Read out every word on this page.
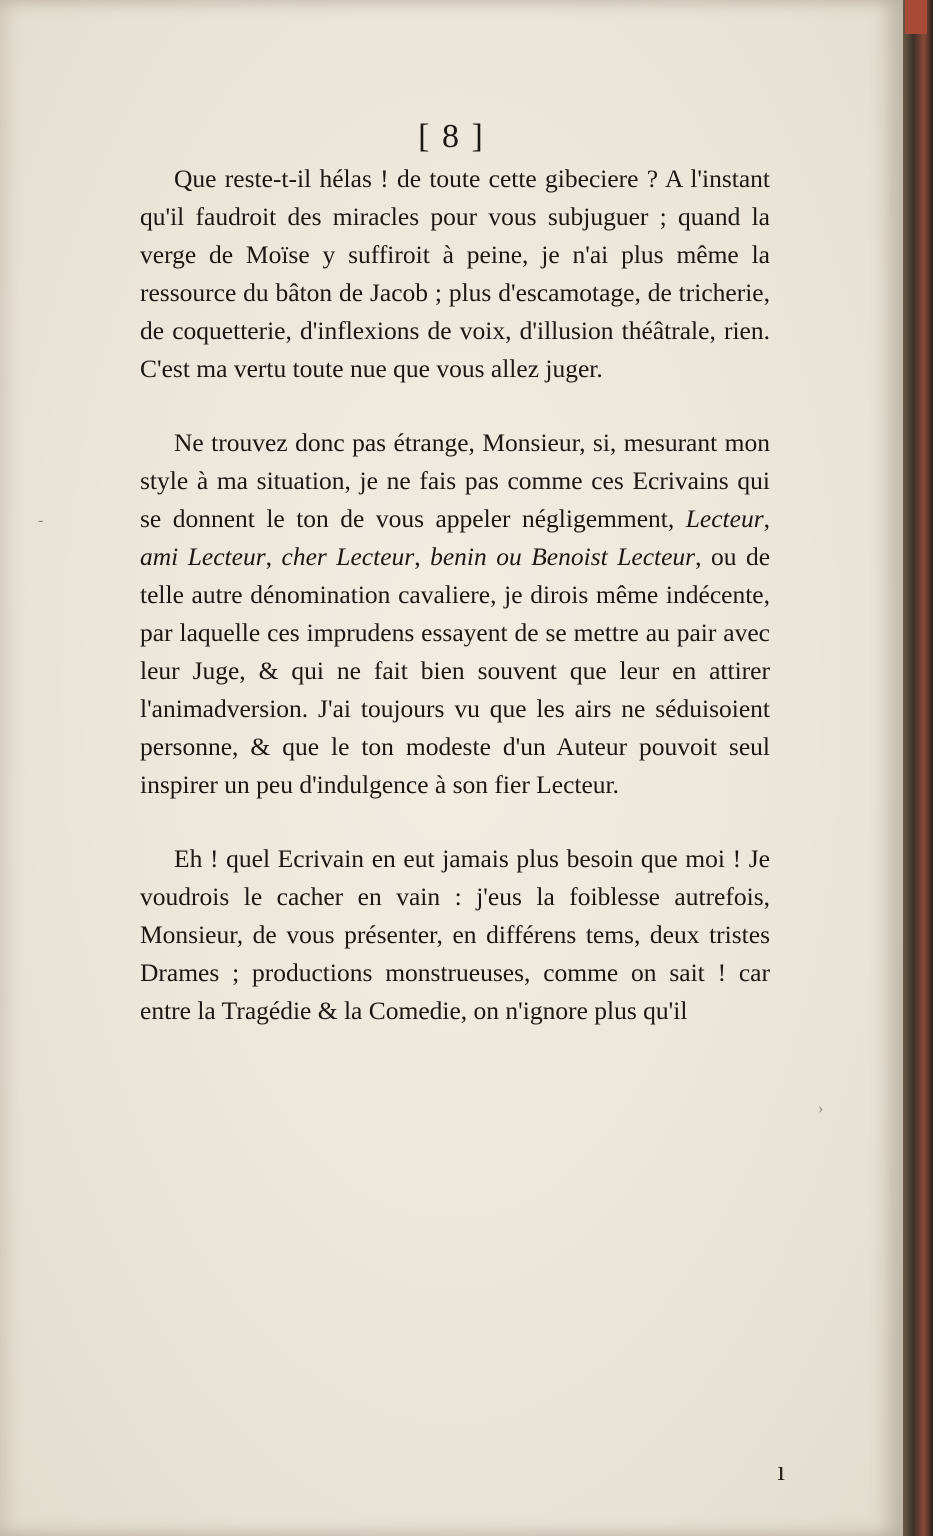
[ 8 ]

Que reste-t-il hélas ! de toute cette gibeciere ? A l'instant qu'il faudroit des miracles pour vous subjuguer ; quand la verge de Moïse y suffiroit à peine, je n'ai plus même la ressource du bâton de Jacob ; plus d'escamotage, de tricherie, de coquetterie, d'inflexions de voix, d'illusion théâtrale, rien. C'est ma vertu toute nue que vous allez juger.

Ne trouvez donc pas étrange, Monsieur, si, mesurant mon style à ma situation, je ne fais pas comme ces Ecrivains qui se donnent le ton de vous appeler négligemment, Lecteur, ami Lecteur, cher Lecteur, benin ou Benoist Lecteur, ou de telle autre dénomination cavaliere, je dirois même indécente, par laquelle ces imprudens essayent de se mettre au pair avec leur Juge, & qui ne fait bien souvent que leur en attirer l'animadversion. J'ai toujours vu que les airs ne séduisoient personne, & que le ton modeste d'un Auteur pouvoit seul inspirer un peu d'indulgence à son fier Lecteur.

Eh ! quel Ecrivain en eut jamais plus besoin que moi ! Je voudrois le cacher en vain : j'eus la foiblesse autrefois, Monsieur, de vous présenter, en différens tems, deux tristes Drames ; productions monstrueuses, comme on sait ! car entre la Tragédie & la Comedie, on n'ignore plus qu'il

-
›
ı
